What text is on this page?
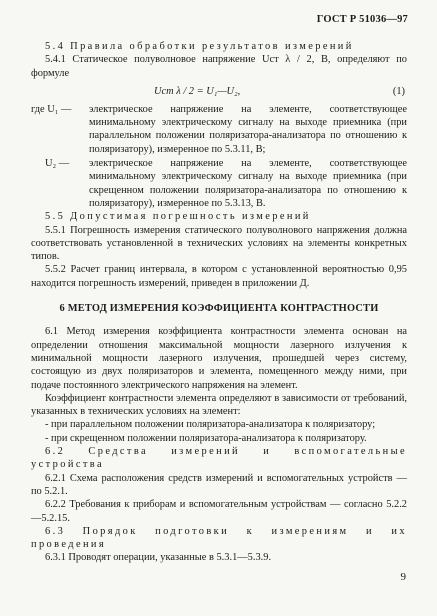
ГОСТ Р 51036—97

5.4 Правила обработки результатов измерений

5.4.1 Статическое полуволновое напряжение Uст λ / 2, В, определяют по формуле

Uст λ / 2 = U₁—U₂,	(1)
где U₁ —	электрическое напряжение на элементе, соответствующее минимальному электрическому сигналу на выходе приемника (при параллельном положении поляризатора-анализатора по отношению к поляризатору), измеренное по 5.3.11, В;
U₂ —	электрическое напряжение на элементе, соответствующее минимальному электрическому сигналу на выходе приемника (при скрещенном положении поляризатора-анализатора по отношению к поляризатору), измеренное по 5.3.13, В.

5.5 Допустимая погрешность измерений

5.5.1 Погрешность измерения статического полуволнового напряжения должна соответствовать установленной в технических условиях на элементы конкретных типов.

5.5.2 Расчет границ интервала, в котором с установленной вероятностью 0,95 находится погрешность измерений, приведен в приложении Д.

6 МЕТОД ИЗМЕРЕНИЯ КОЭФФИЦИЕНТА КОНТРАСТНОСТИ

6.1 Метод измерения коэффициента контрастности элемента основан на определении отношения максимальной мощности лазерного излучения к минимальной мощности лазерного излучения, прошедшей через систему, состоящую из двух поляризаторов и элемента, помещенного между ними, при подаче постоянного электрического напряжения на элемент.

Коэффициент контрастности элемента определяют в зависимости от требований, указанных в технических условиях на элемент:

- при параллельном положении поляризатора-анализатора к поляризатору;

- при скрещенном положении поляризатора-анализатора к поляризатору.

6.2 Средства измерений и вспомогательные устройства

6.2.1 Схема расположения средств измерений и вспомогательных устройств — по 5.2.1.

6.2.2 Требования к приборам и вспомогательным устройствам — согласно 5.2.2—5.2.15.

6.3 Порядок подготовки к измерениям и их проведения

6.3.1 Проводят операции, указанные в 5.3.1—5.3.9.

9
